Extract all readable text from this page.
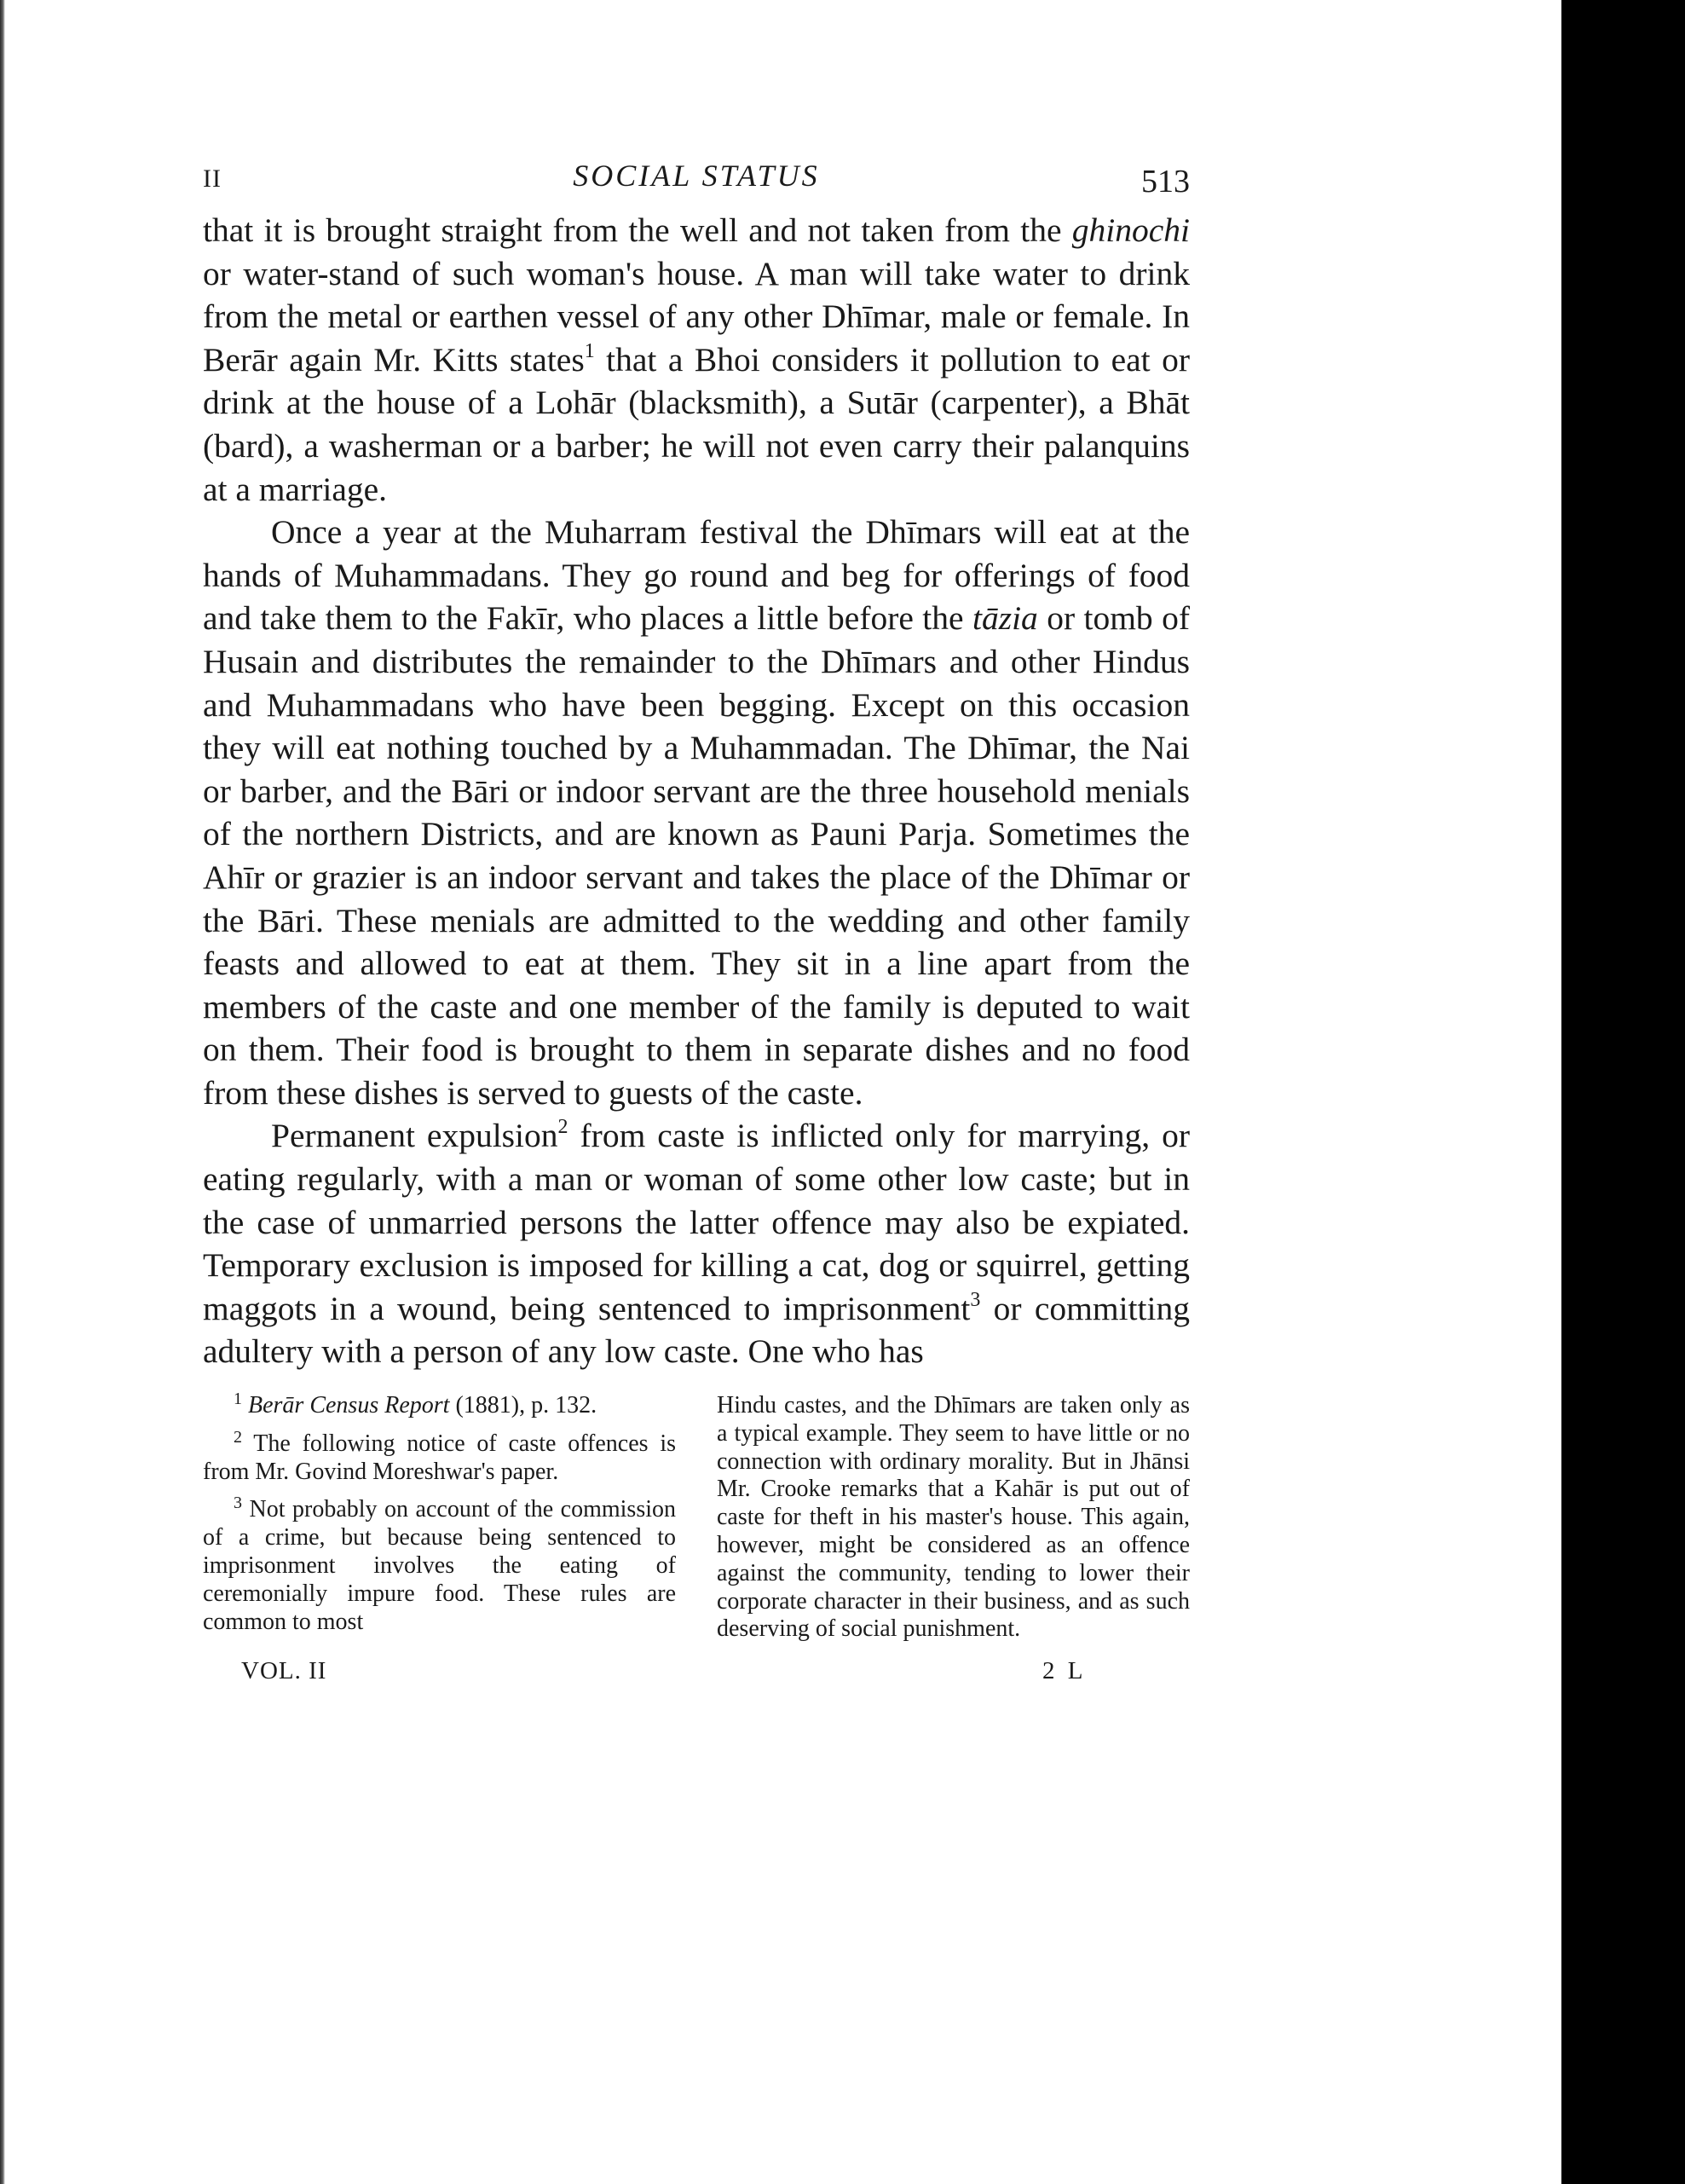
II	SOCIAL STATUS	513

that it is brought straight from the well and not taken from the ghinochi or water-stand of such woman's house. A man will take water to drink from the metal or earthen vessel of any other Dhīmar, male or female. In Berār again Mr. Kitts states$^1$ that a Bhoi considers it pollution to eat or drink at the house of a Lohār (blacksmith), a Sutār (carpenter), a Bhāt (bard), a washerman or a barber; he will not even carry their palanquins at a marriage.

Once a year at the Muharram festival the Dhīmars will eat at the hands of Muhammadans. They go round and beg for offerings of food and take them to the Fakīr, who places a little before the tāzia or tomb of Husain and distributes the remainder to the Dhīmars and other Hindus and Muhammadans who have been begging. Except on this occasion they will eat nothing touched by a Muhammadan. The Dhīmar, the Nai or barber, and the Bāri or indoor servant are the three household menials of the northern Districts, and are known as Pauni Parja. Sometimes the Ahīr or grazier is an indoor servant and takes the place of the Dhīmar or the Bāri. These menials are admitted to the wedding and other family feasts and allowed to eat at them. They sit in a line apart from the members of the caste and one member of the family is deputed to wait on them. Their food is brought to them in separate dishes and no food from these dishes is served to guests of the caste.

Permanent expulsion$^2$ from caste is inflicted only for marrying, or eating regularly, with a man or woman of some other low caste; but in the case of unmarried persons the latter offence may also be expiated. Temporary exclusion is imposed for killing a cat, dog or squirrel, getting maggots in a wound, being sentenced to imprisonment$^3$ or committing adultery with a person of any low caste. One who has

$^1$ Berār Census Report (1881), p. 132.

$^2$ The following notice of caste offences is from Mr. Govind Moreshwar's paper.

$^3$ Not probably on account of the commission of a crime, but because being sentenced to imprisonment involves the eating of ceremonially impure food. These rules are common to most

Hindu castes, and the Dhīmars are taken only as a typical example. They seem to have little or no connection with ordinary morality. But in Jhānsi Mr. Crooke remarks that a Kahār is put out of caste for theft in his master's house. This again, however, might be considered as an offence against the community, tending to lower their corporate character in their business, and as such deserving of social punishment.

VOL. II	2 L
